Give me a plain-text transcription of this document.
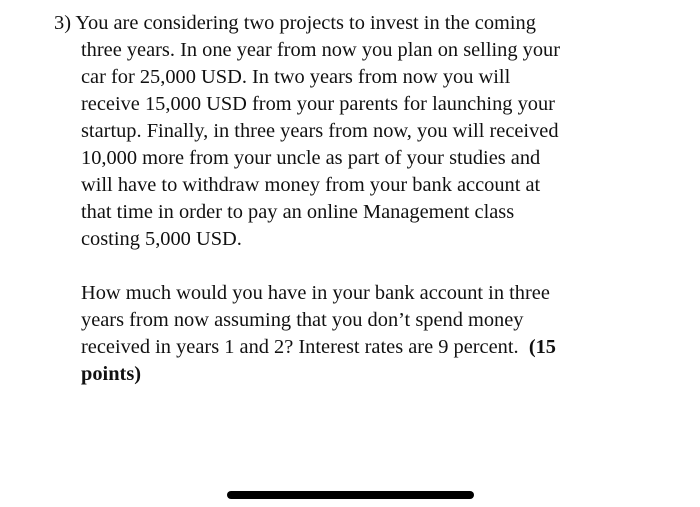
3) You are considering two projects to invest in the coming
three years. In one year from now you plan on selling your
car for 25,000 USD. In two years from now you will
receive 15,000 USD from your parents for launching your
startup. Finally, in three years from now, you will received
10,000 more from your uncle as part of your studies and
will have to withdraw money from your bank account at
that time in order to pay an online Management class
costing 5,000 USD.
How much would you have in your bank account in three
years from now assuming that you don’t spend money
received in years 1 and 2? Interest rates are 9 percent. (15
points)
